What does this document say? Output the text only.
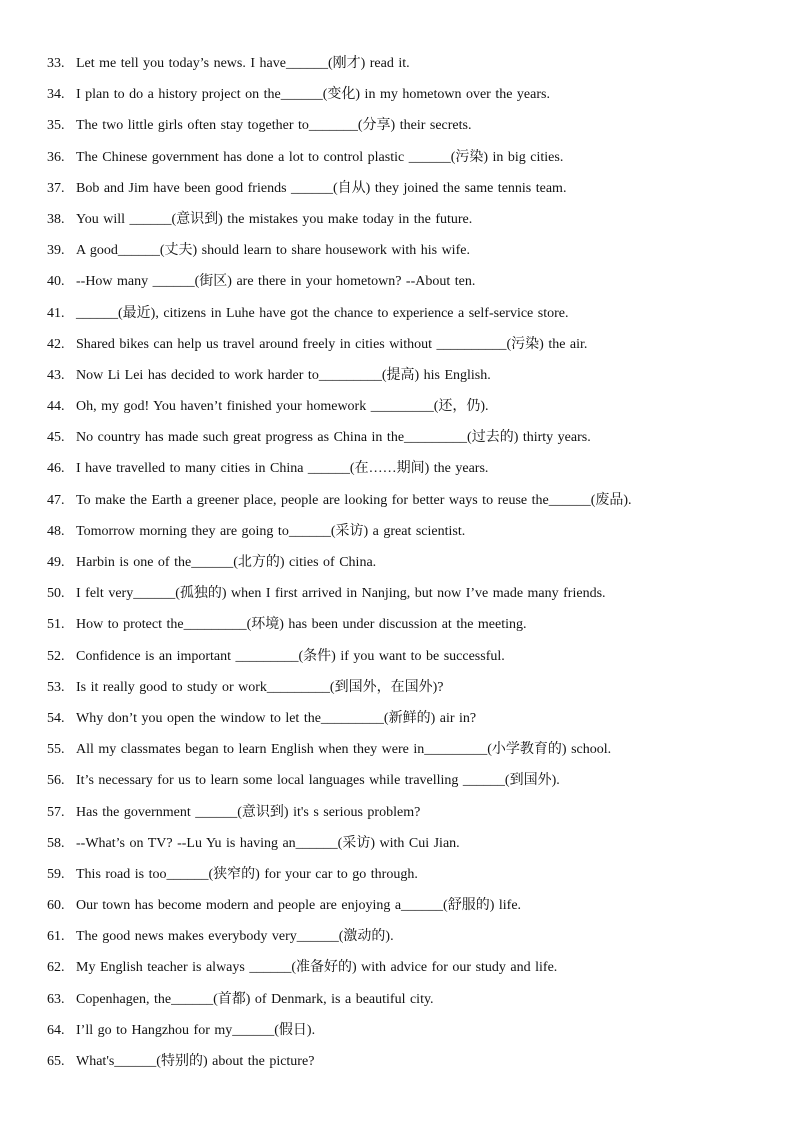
33. Let me tell you today’s news. I have______(刚才) read it.
34. I plan to do a history project on the______(变化) in my hometown over the years.
35. The two little girls often stay together to_______(分享) their secrets.
36. The Chinese government has done a lot to control plastic ______(污染) in big cities.
37. Bob and Jim have been good friends ______(自从) they joined the same tennis team.
38. You will ______(意识到) the mistakes you make today in the future.
39. A good______(丈夫) should learn to share housework with his wife.
40. --How many ______(街区) are there in your hometown? --About ten.
41. ______(最近), citizens in Luhe have got the chance to experience a self-service store.
42. Shared bikes can help us travel around freely in cities without __________(污染) the air.
43. Now Li Lei has decided to work harder to_________(提高) his English.
44. Oh, my god! You haven’t finished your homework _________(还，仍).
45. No country has made such great progress as China in the_________(过去的) thirty years.
46. I have travelled to many cities in China ______(在……期间) the years.
47. To make the Earth a greener place, people are looking for better ways to reuse the______(废品).
48. Tomorrow morning they are going to______(采访) a great scientist.
49. Harbin is one of the______(北方的) cities of China.
50. I felt very______(孤独的) when I first arrived in Nanjing, but now I’ve made many friends.
51. How to protect the_________(环境) has been under discussion at the meeting.
52. Confidence is an important _________(条件) if you want to be successful.
53. Is it really good to study or work_________(到国外，在国外)?
54. Why don’t you open the window to let the_________(新鲜的) air in?
55. All my classmates began to learn English when they were in_________(小学教育的) school.
56. It’s necessary for us to learn some local languages while travelling ______(到国外).
57. Has the government ______(意识到) it's s serious problem?
58. --What’s on TV? --Lu Yu is having an______(采访) with Cui Jian.
59. This road is too______(狭窄的) for your car to go through.
60. Our town has become modern and people are enjoying a______(舒服的) life.
61. The good news makes everybody very______(激动的).
62. My English teacher is always ______(准备好的) with advice for our study and life.
63. Copenhagen, the______(首都) of Denmark, is a beautiful city.
64. I’ll go to Hangzhou for my______(假日).
65. What's______(特别的) about the picture?
